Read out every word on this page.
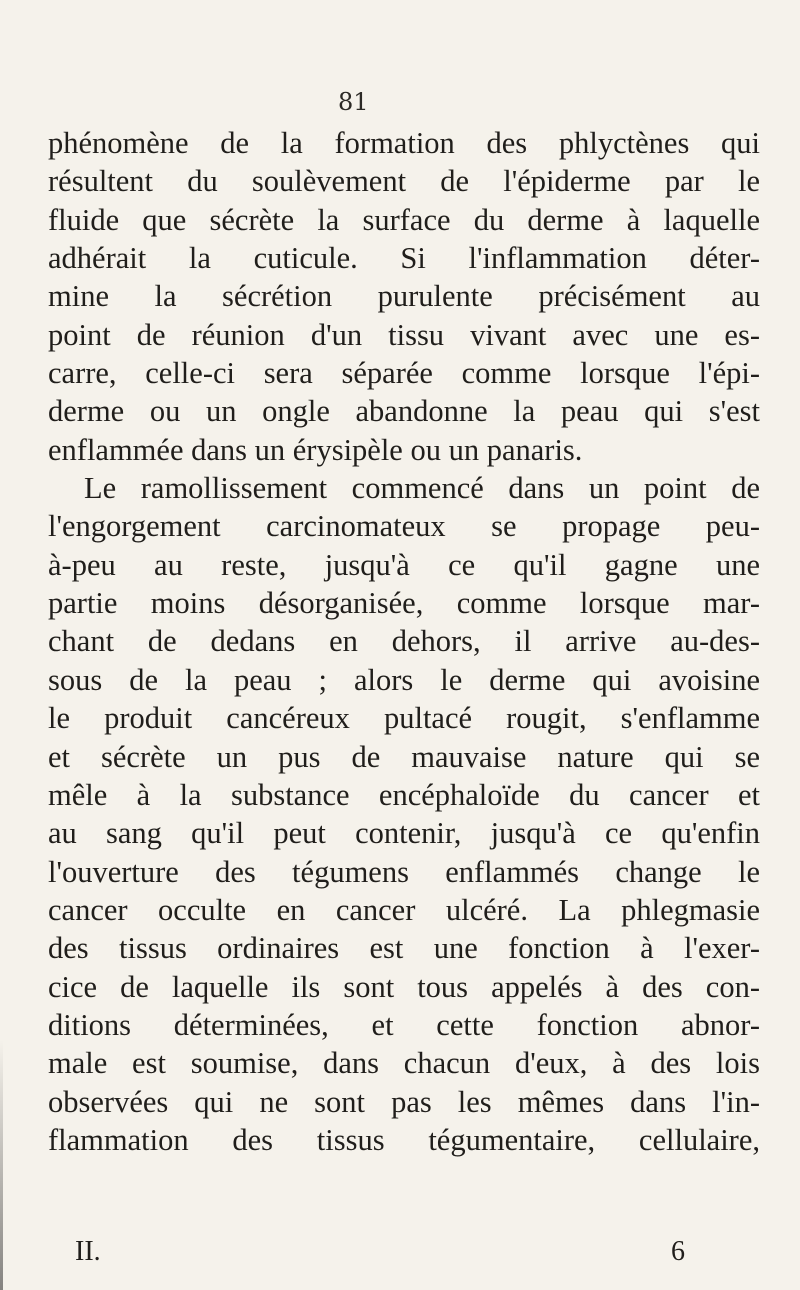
81
phénomène de la formation des phlyctènes qui
résultent du soulèvement de l'épiderme par le
fluide que sécrète la surface du derme à laquelle
adhérait la cuticule. Si l'inflammation déter-
mine la sécrétion purulente précisément au
point de réunion d'un tissu vivant avec une es-
carre, celle-ci sera séparée comme lorsque l'épi-
derme ou un ongle abandonne la peau qui s'est
enflammée dans un érysipèle ou un panaris.
Le ramollissement commencé dans un point de
l'engorgement carcinomateux se propage peu-
à-peu au reste, jusqu'à ce qu'il gagne une
partie moins désorganisée, comme lorsque mar-
chant de dedans en dehors, il arrive au-des-
sous de la peau ; alors le derme qui avoisine
le produit cancéreux pultacé rougit, s'enflamme
et sécrète un pus de mauvaise nature qui se
mêle à la substance encéphaloïde du cancer et
au sang qu'il peut contenir, jusqu'à ce qu'enfin
l'ouverture des tégumens enflammés change le
cancer occulte en cancer ulcéré. La phlegmasie
des tissus ordinaires est une fonction à l'exer-
cice de laquelle ils sont tous appelés à des con-
ditions déterminées, et cette fonction abnor-
male est soumise, dans chacun d'eux, à des lois
observées qui ne sont pas les mêmes dans l'in-
flammation des tissus tégumentaire, cellulaire,
II.	6
